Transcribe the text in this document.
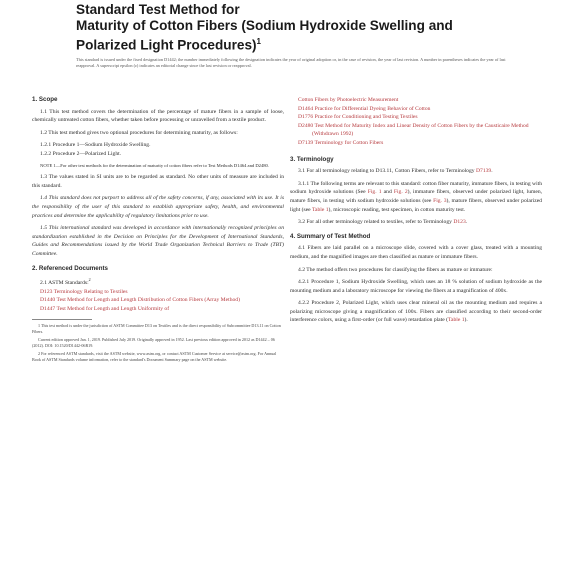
Standard Test Method for
Maturity of Cotton Fibers (Sodium Hydroxide Swelling and Polarized Light Procedures)$^1$
This standard is issued under the fixed designation D1442; the number immediately following the designation indicates the year of original adoption or, in the case of revision, the year of last revision. A number in parentheses indicates the year of last reapproval. A superscript epsilon (ε) indicates an editorial change since the last revision or reapproval.
1. Scope
1.1 This test method covers the determination of the percentage of mature fibers in a sample of loose, chemically untreated cotton fibers, whether taken before processing or unravelled from a textile product.
1.2 This test method gives two optional procedures for determining maturity, as follows:
1.2.1 Procedure 1—Sodium Hydroxide Swelling.
1.2.2 Procedure 2—Polarized Light.
NOTE 1—For other test methods for the determination of maturity of cotton fibers refer to Test Methods D1464 and D2480.
1.3 The values stated in SI units are to be regarded as standard. No other units of measure are included in this standard.
1.4 This standard does not purport to address all of the safety concerns, if any, associated with its use. It is the responsibility of the user of this standard to establish appropriate safety, health, and environmental practices and determine the applicability of regulatory limitations prior to use.
1.5 This international standard was developed in accordance with internationally recognized principles on standardization established in the Decision on Principles for the Development of International Standards, Guides and Recommendations issued by the World Trade Organization Technical Barriers to Trade (TBT) Committee.
2. Referenced Documents
2.1 ASTM Standards:$^2$
D123 Terminology Relating to Textiles
D1440 Test Method for Length and Length Distribution of Cotton Fibers (Array Method)
D1447 Test Method for Length and Length Uniformity of
1 This test method is under the jurisdiction of ASTM Committee D13 on Textiles and is the direct responsibility of Subcommittee D13.11 on Cotton Fibers.
Current edition approved Jan. 1, 2019. Published July 2019. Originally approved in 1952. Last previous edition approved in 2012 as D1442 – 06 (2012). DOI: 10.1520/D1442-06R19.
2 For referenced ASTM standards, visit the ASTM website, www.astm.org, or contact ASTM Customer Service at service@astm.org. For Annual Book of ASTM Standards volume information, refer to the standard's Document Summary page on the ASTM website.
Cotton Fibers by Photoelectric Measurement
D1464 Practice for Differential Dyeing Behavior of Cotton
D1776 Practice for Conditioning and Testing Textiles
D2480 Test Method for Maturity Index and Linear Density of Cotton Fibers by the Causticaire Method (Withdrawn 1992)
D7139 Terminology for Cotton Fibers
3. Terminology
3.1 For all terminology relating to D13.11, Cotton Fibers, refer to Terminology D7139.
3.1.1 The following terms are relevant to this standard: cotton fiber maturity, immature fibers, in testing with sodium hydroxide solutions (See Fig. 1 and Fig. 2), immature fibers, observed under polarized light, lumen, mature fibers, in testing with sodium hydroxide solutions (see Fig. 3), mature fibers, observed under polarized light (see Table 1), microscopic reading, test specimen, in cotton maturity test.
3.2 For all other terminology related to textiles, refer to Terminology D123.
4. Summary of Test Method
4.1 Fibers are laid parallel on a microscope slide, covered with a cover glass, treated with a mounting medium, and the magnified images are then classified as mature or immature fibers.
4.2 The method offers two procedures for classifying the fibers as mature or immature:
4.2.1 Procedure 1, Sodium Hydroxide Swelling, which uses an 18 % solution of sodium hydroxide as the mounting medium and a laboratory microscope for viewing the fibers at a magnification of 400x.
4.2.2 Procedure 2, Polarized Light, which uses clear mineral oil as the mounting medium and requires a polarizing microscope giving a magnification of 100x. Fibers are classified according to their second-order interference colors, using a first-order (or full wave) retardation plate (Table 1).
